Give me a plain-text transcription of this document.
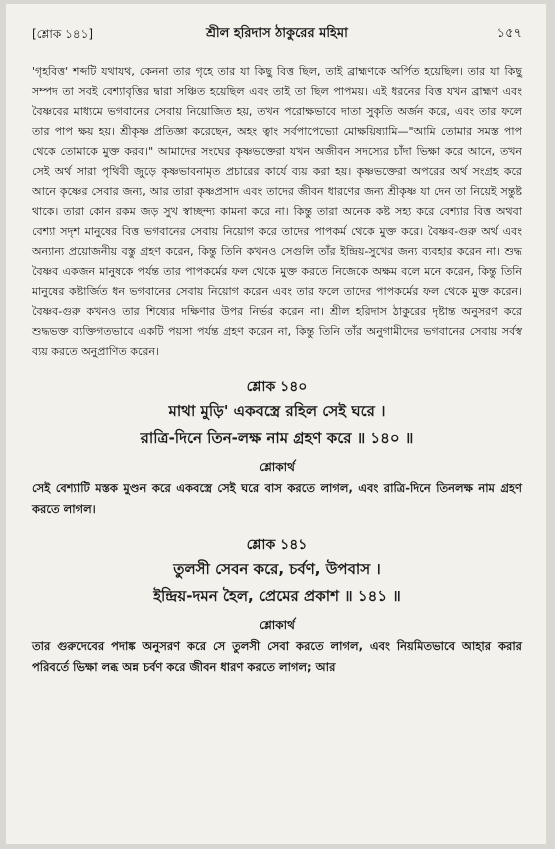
[শ্লোক ১৪১]	শ্রীল হরিদাস ঠাকুরের মহিমা	১৫৭

'গৃহবিত্ত' শব্দটি যথাযথ, কেননা তার গৃহে তার যা কিছু বিত্ত ছিল, তাই ব্রাহ্মণকে অর্পিত হয়েছিল। তার যা কিছু সম্পদ তা সবই বেশ্যাবৃত্তির দ্বারা সঞ্চিত হয়েছিল এবং তাই তা ছিল পাপময়। এই ধরনের বিত্ত যখন ব্রাহ্মণ এবং বৈষ্ণবের মাধ্যমে ভগবানের সেবায় নিয়োজিত হয়, তখন পরোক্ষভাবে দাতা সুকৃতি অর্জন করে, এবং তার ফলে তার পাপ ক্ষয় হয়। শ্রীকৃষ্ণ প্রতিজ্ঞা করেছেন, অহং ত্বাং সর্বপাপেভ্যো মোক্ষয়িষ্যামি—"আমি তোমার সমস্ত পাপ থেকে তোমাকে মুক্ত করব।" আমাদের সংঘের কৃষ্ণভক্তেরা যখন অজীবন সদস্যের চাঁদা ভিক্ষা করে আনে, তখন সেই অর্থ সারা পৃথিবী জুড়ে কৃষ্ণভাবনামৃত প্রচারের কার্যে ব্যয় করা হয়। কৃষ্ণভক্তেরা অপরের অর্থ সংগ্রহ করে আনে কৃষ্ণের সেবার জন্য, আর তারা কৃষ্ণপ্রসাদ এবং তাদের জীবন ধারণের জন্য শ্রীকৃষ্ণ যা দেন তা নিয়েই সন্তুষ্ট থাকে। তারা কোন রকম জড় সুখ স্বাচ্ছন্দ্য কামনা করে না। কিন্তু তারা অনেক কষ্ট সহ্য করে বেশ্যার বিত্ত অথবা বেশ্যা সদৃশ মানুষের বিত্ত ভগবানের সেবায় নিয়োগ করে তাদের পাপকর্ম থেকে মুক্ত করে। বৈষ্ণব-গুরু অর্থ এবং অন্যান্য প্রয়োজনীয় বস্তু গ্রহণ করেন, কিন্তু তিনি কখনও সেগুলি তাঁর ইন্দ্রিয়-সুখের জন্য ব্যবহার করেন না। শুদ্ধ বৈষ্ণব একজন মানুষকে পর্যন্ত তার পাপকর্মের ফল থেকে মুক্ত করতে নিজেকে অক্ষম বলে মনে করেন, কিন্তু তিনি মানুষের কষ্টার্জিত ধন ভগবানের সেবায় নিয়োগ করেন এবং তার ফলে তাদের পাপকর্মের ফল থেকে মুক্ত করেন। বৈষ্ণব-গুরু কখনও তার শিষ্যের দক্ষিণার উপর নির্ভর করেন না। শ্রীল হরিদাস ঠাকুরের দৃষ্টান্ত অনুসরণ করে শুদ্ধভক্ত ব্যক্তিগতভাবে একটি পয়সা পর্যন্ত গ্রহণ করেন না, কিন্তু তিনি তাঁর অনুগামীদের ভগবানের সেবায় সর্বস্ব ব্যয় করতে অনুপ্রাণিত করেন।

শ্লোক ১৪০
মাথা মুড়ি' একবস্ত্রে রহিল সেই ঘরে ।
রাত্রি-দিনে তিন-লক্ষ নাম গ্রহণ করে ॥ ১৪০ ॥
শ্লোকার্থ

সেই বেশ্যাটি মস্তক মুণ্ডন করে একবস্ত্রে সেই ঘরে বাস করতে লাগল, এবং রাত্রি-দিনে তিনলক্ষ নাম গ্রহণ করতে লাগল।

শ্লোক ১৪১
তুলসী সেবন করে, চর্বণ, উপবাস ।
ইন্দ্রিয়-দমন হৈল, প্রেমের প্রকাশ ॥ ১৪১ ॥
শ্লোকার্থ

তার গুরুদেবের পদাঙ্ক অনুসরণ করে সে তুলসী সেবা করতে লাগল, এবং নিয়মিতভাবে আহার করার পরিবর্তে ভিক্ষা লব্ধ অন্ন চর্বণ করে জীবন ধারণ করতে লাগল; আর
